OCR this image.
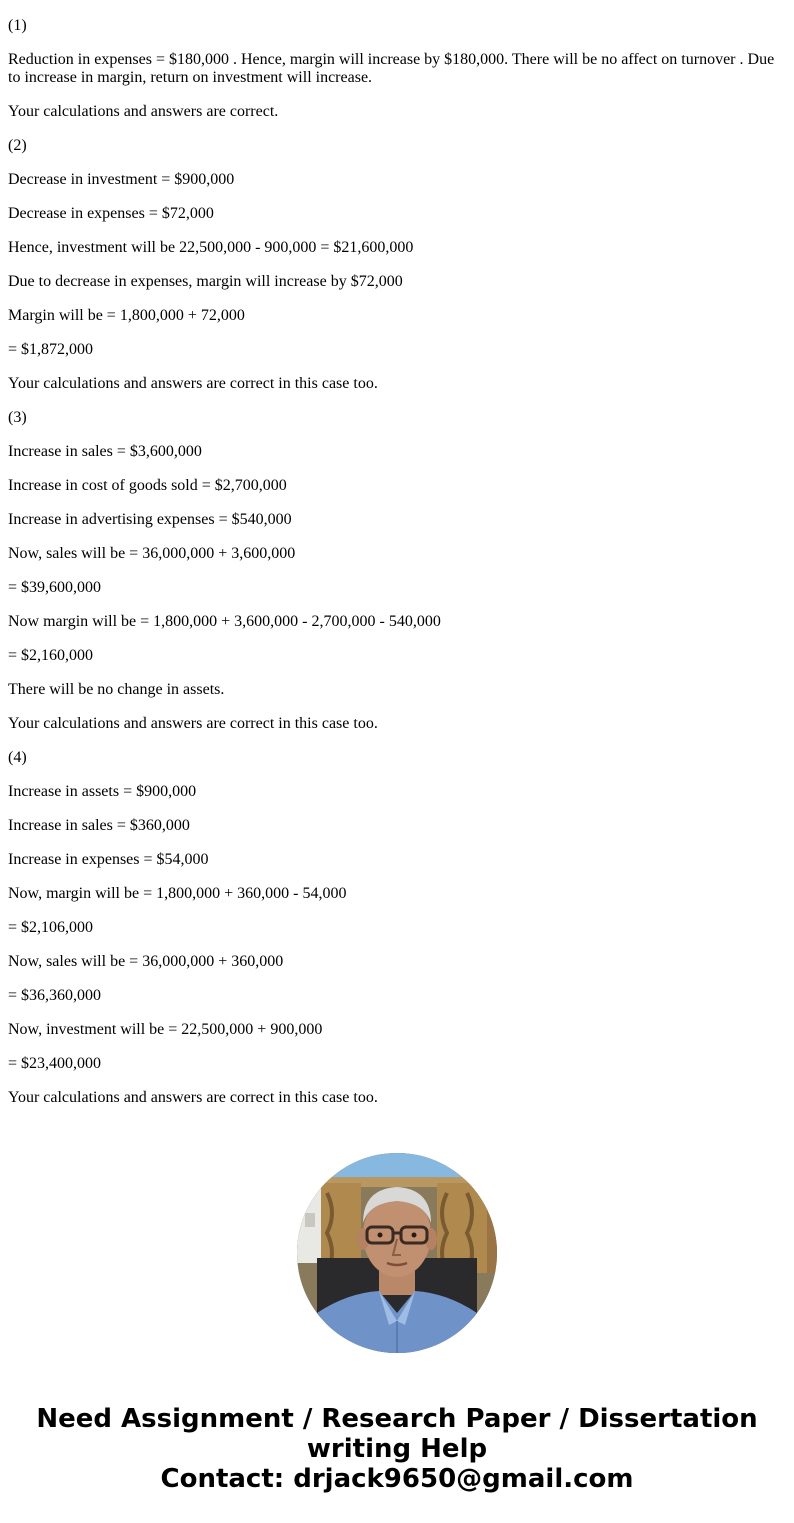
(1)

Reduction in expenses = $180,000 . Hence, margin will increase by $180,000. There will be no affect on turnover . Due to increase in margin, return on investment will increase.

Your calculations and answers are correct.

(2)

Decrease in investment = $900,000

Decrease in expenses = $72,000

Hence, investment will be 22,500,000 - 900,000 = $21,600,000

Due to decrease in expenses, margin will increase by $72,000

Margin will be = 1,800,000 + 72,000

= $1,872,000

Your calculations and answers are correct in this case too.

(3)

Increase in sales = $3,600,000

Increase in cost of goods sold = $2,700,000

Increase in advertising expenses = $540,000

Now, sales will be = 36,000,000 + 3,600,000

= $39,600,000

Now margin will be = 1,800,000 + 3,600,000 - 2,700,000 - 540,000

= $2,160,000

There will be no change in assets.

Your calculations and answers are correct in this case too.

(4)

Increase in assets = $900,000

Increase in sales = $360,000

Increase in expenses = $54,000

Now, margin will be = 1,800,000 + 360,000 - 54,000

= $2,106,000

Now, sales will be = 36,000,000 + 360,000

= $36,360,000

Now, investment will be = 22,500,000 + 900,000

= $23,400,000

Your calculations and answers are correct in this case too.

Need Assignment / Research Paper / Dissertation
writing Help
Contact: drjack9650@gmail.com
